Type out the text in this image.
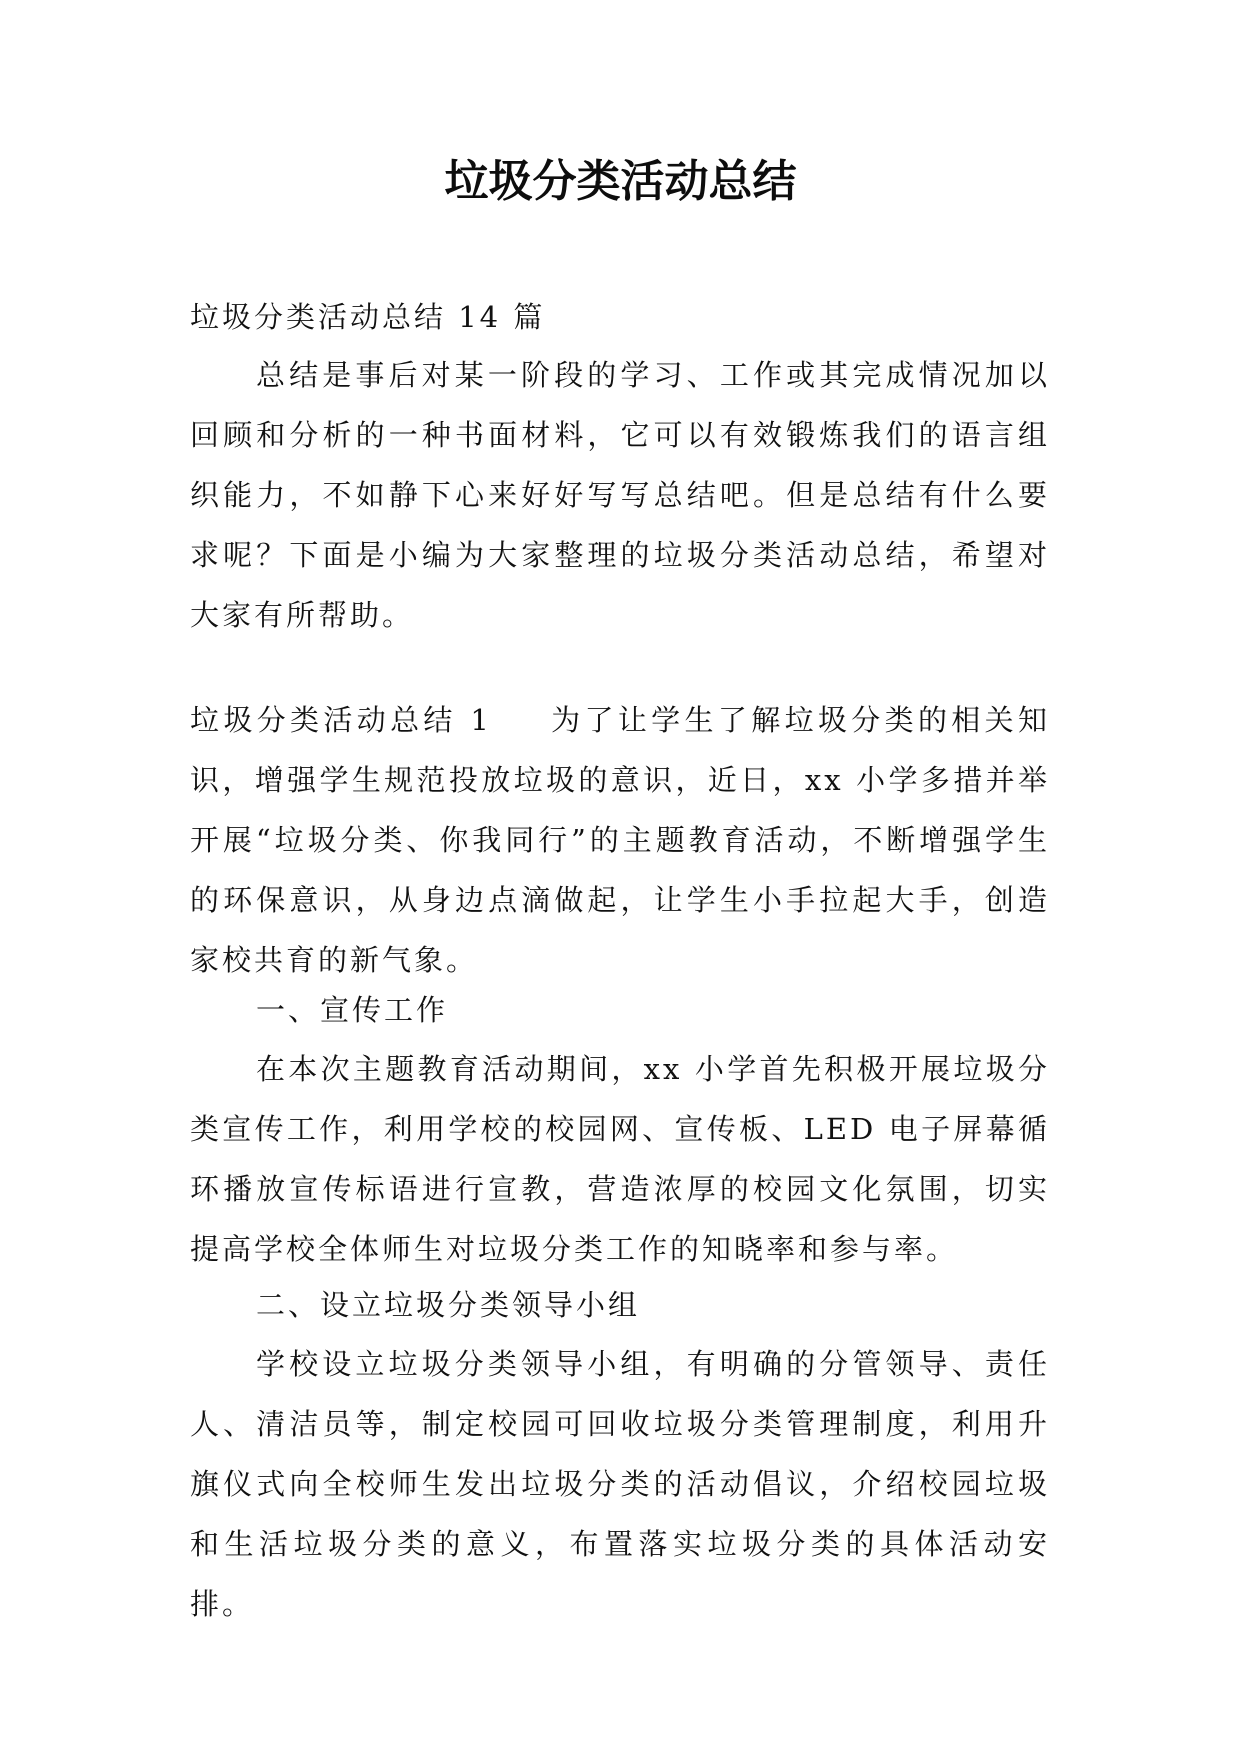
垃圾分类活动总结

垃圾分类活动总结 14 篇

总结是事后对某一阶段的学习、工作或其完成情况加以回顾和分析的一种书面材料，它可以有效锻炼我们的语言组织能力，不如静下心来好好写写总结吧。但是总结有什么要求呢？下面是小编为大家整理的垃圾分类活动总结，希望对大家有所帮助。

垃圾分类活动总结 1 为了让学生了解垃圾分类的相关知识，增强学生规范投放垃圾的意识，近日，xx 小学多措并举开展“垃圾分类、你我同行”的主题教育活动，不断增强学生的环保意识，从身边点滴做起，让学生小手拉起大手，创造家校共育的新气象。

一、宣传工作

在本次主题教育活动期间，xx 小学首先积极开展垃圾分类宣传工作，利用学校的校园网、宣传板、LED 电子屏幕循环播放宣传标语进行宣教，营造浓厚的校园文化氛围，切实提高学校全体师生对垃圾分类工作的知晓率和参与率。

二、设立垃圾分类领导小组

学校设立垃圾分类领导小组，有明确的分管领导、责任人、清洁员等，制定校园可回收垃圾分类管理制度，利用升旗仪式向全校师生发出垃圾分类的活动倡议，介绍校园垃圾和生活垃圾分类的意义，布置落实垃圾分类的具体活动安排。
